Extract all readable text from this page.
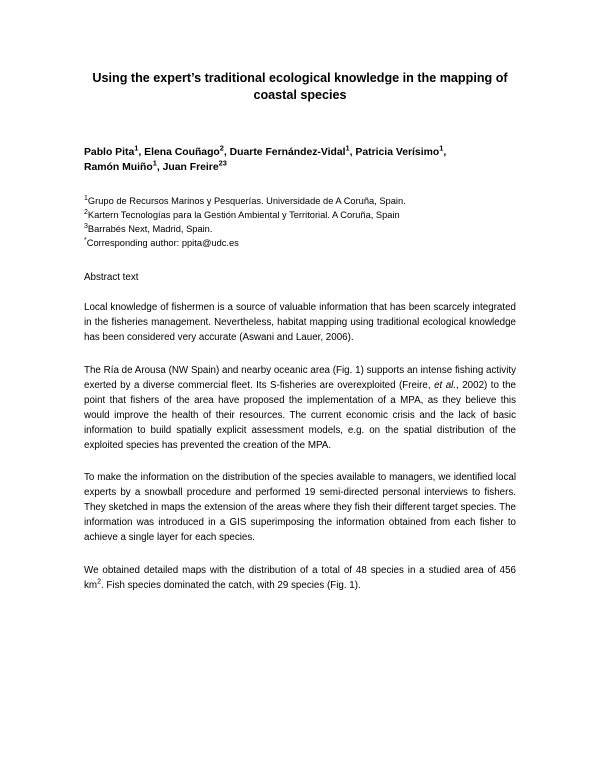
Using the expert’s traditional ecological knowledge in the mapping of coastal species
Pablo Pita$^1$, Elena Couñago$^2$, Duarte Fernández-Vidal$^1$, Patricia Verísimo$^1$,
Ramón Muiño$^1$, Juan Freire$^{23}$
$^1$Grupo de Recursos Marinos y Pesquerías. Universidade de A Coruña, Spain.
$^2$Kartern Tecnologías para la Gestión Ambiental y Territorial. A Coruña, Spain
$^3$Barrabés Next, Madrid, Spain.
*Corresponding author: ppita@udc.es
Abstract text
Local knowledge of fishermen is a source of valuable information that has been scarcely integrated in the fisheries management. Nevertheless, habitat mapping using traditional ecological knowledge has been considered very accurate (Aswani and Lauer, 2006).
The Ría de Arousa (NW Spain) and nearby oceanic area (Fig. 1) supports an intense fishing activity exerted by a diverse commercial fleet. Its S-fisheries are overexploited (Freire, et al., 2002) to the point that fishers of the area have proposed the implementation of a MPA, as they believe this would improve the health of their resources. The current economic crisis and the lack of basic information to build spatially explicit assessment models, e.g. on the spatial distribution of the exploited species has prevented the creation of the MPA.
To make the information on the distribution of the species available to managers, we identified local experts by a snowball procedure and performed 19 semi-directed personal interviews to fishers. They sketched in maps the extension of the areas where they fish their different target species. The information was introduced in a GIS superimposing the information obtained from each fisher to achieve a single layer for each species.
We obtained detailed maps with the distribution of a total of 48 species in a studied area of 456 $km^2$. Fish species dominated the catch, with 29 species (Fig. 1).
